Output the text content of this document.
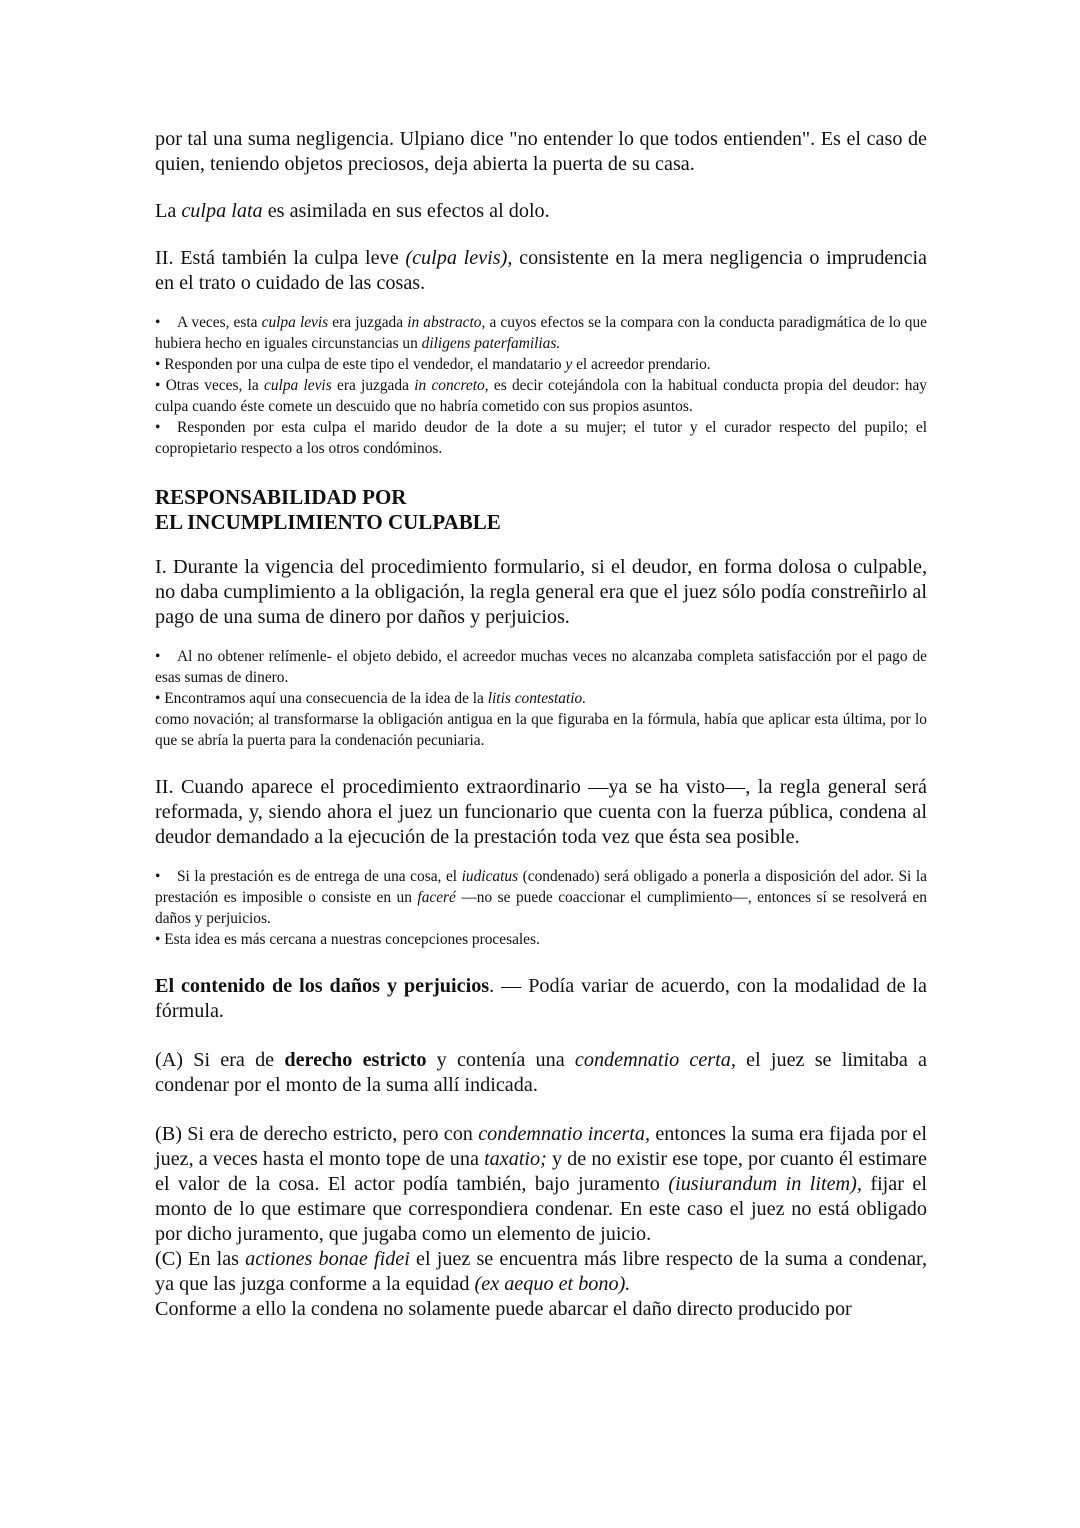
por tal una suma negligencia. Ulpiano dice "no entender lo que todos entienden". Es el caso de quien, teniendo objetos preciosos, deja abierta la puerta de su casa.

La culpa lata es asimilada en sus efectos al dolo.

II. Está también la culpa leve (culpa levis), consistente en la mera negligencia o imprudencia en el trato o cuidado de las cosas.

• A veces, esta culpa levis era juzgada in abstracto, a cuyos efectos se la compara con la conducta paradigmática de lo que hubiera hecho en iguales circunstancias un diligens paterfamilias.

• Responden por una culpa de este tipo el vendedor, el mandatario y el acreedor prendario.

• Otras veces, la culpa levis era juzgada in concreto, es decir cotejándola con la habitual conducta propia del deudor: hay culpa cuando éste comete un descuido que no habría cometido con sus propios asuntos.

• Responden por esta culpa el marido deudor de la dote a su mujer; el tutor y el curador respecto del pupilo; el copropietario respecto a los otros condóminos.

RESPONSABILIDAD POR

EL INCUMPLIMIENTO CULPABLE

I. Durante la vigencia del procedimiento formulario, si el deudor, en forma dolosa o culpable, no daba cumplimiento a la obligación, la regla general era que el juez sólo podía constreñirlo al pago de una suma de dinero por daños y perjuicios.

• Al no obtener relímenle- el objeto debido, el acreedor muchas veces no alcanzaba completa satisfacción por el pago de esas sumas de dinero.

• Encontramos aquí una consecuencia de la idea de la litis contestatio.

como novación; al transformarse la obligación antigua en la que figuraba en la fórmula, había que aplicar esta última, por lo que se abría la puerta para la condenación pecuniaria.

II. Cuando aparece el procedimiento extraordinario —ya se ha visto—, la regla general será reformada, y, siendo ahora el juez un funcionario que cuenta con la fuerza pública, condena al deudor demandado a la ejecución de la prestación toda vez que ésta sea posible.

• Si la prestación es de entrega de una cosa, el iudicatus (condenado) será obligado a ponerla a disposición del ador. Si la prestación es imposible o consiste en un faceré —no se puede coaccionar el cumplimiento—, entonces sí se resolverá en daños y perjuicios.

• Esta idea es más cercana a nuestras concepciones procesales.

El contenido de los daños y perjuicios. — Podía variar de acuerdo, con la modalidad de la fórmula.

(A) Si era de derecho estricto y contenía una condemnatio certa, el juez se limitaba a condenar por el monto de la suma allí indicada.

(B) Si era de derecho estricto, pero con condemnatio incerta, entonces la suma era fijada por el juez, a veces hasta el monto tope de una taxatio; y de no existir ese tope, por cuanto él estimare el valor de la cosa. El actor podía también, bajo juramento (iusiurandum in litem), fijar el monto de lo que estimare que correspondiera condenar. En este caso el juez no está obligado por dicho juramento, que jugaba como un elemento de juicio.

(C) En las actiones bonae fidei el juez se encuentra más libre respecto de la suma a condenar, ya que las juzga conforme a la equidad (ex aequo et bono).

Conforme a ello la condena no solamente puede abarcar el daño directo producido por
